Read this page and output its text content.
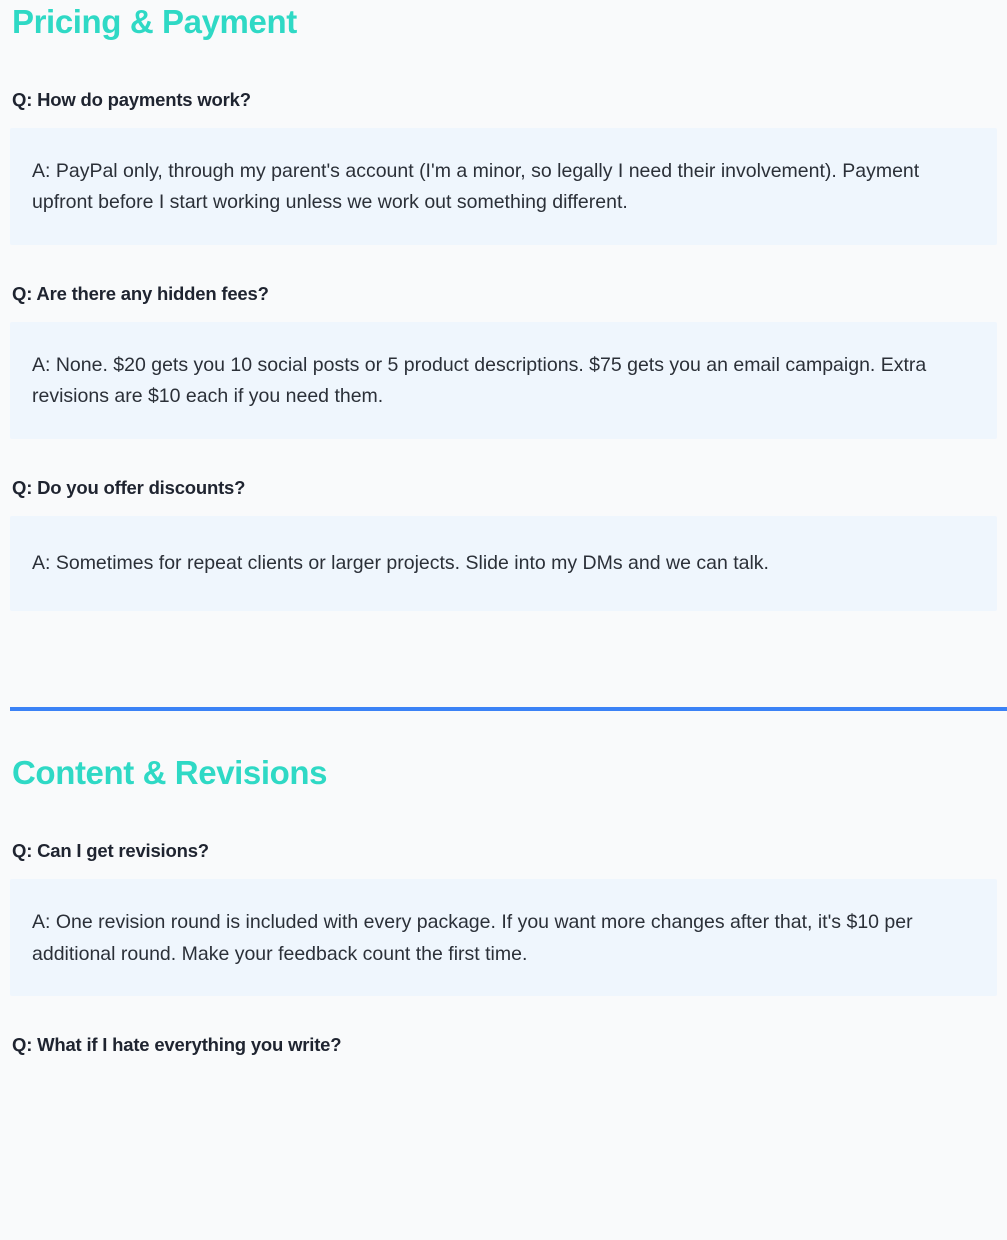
Pricing & Payment
Q: How do payments work?
A: PayPal only, through my parent's account (I'm a minor, so legally I need their involvement). Payment upfront before I start working unless we work out something different.
Q: Are there any hidden fees?
A: None. $20 gets you 10 social posts or 5 product descriptions. $75 gets you an email campaign. Extra revisions are $10 each if you need them.
Q: Do you offer discounts?
A: Sometimes for repeat clients or larger projects. Slide into my DMs and we can talk.
Content & Revisions
Q: Can I get revisions?
A: One revision round is included with every package. If you want more changes after that, it's $10 per additional round. Make your feedback count the first time.
Q: What if I hate everything you write?
